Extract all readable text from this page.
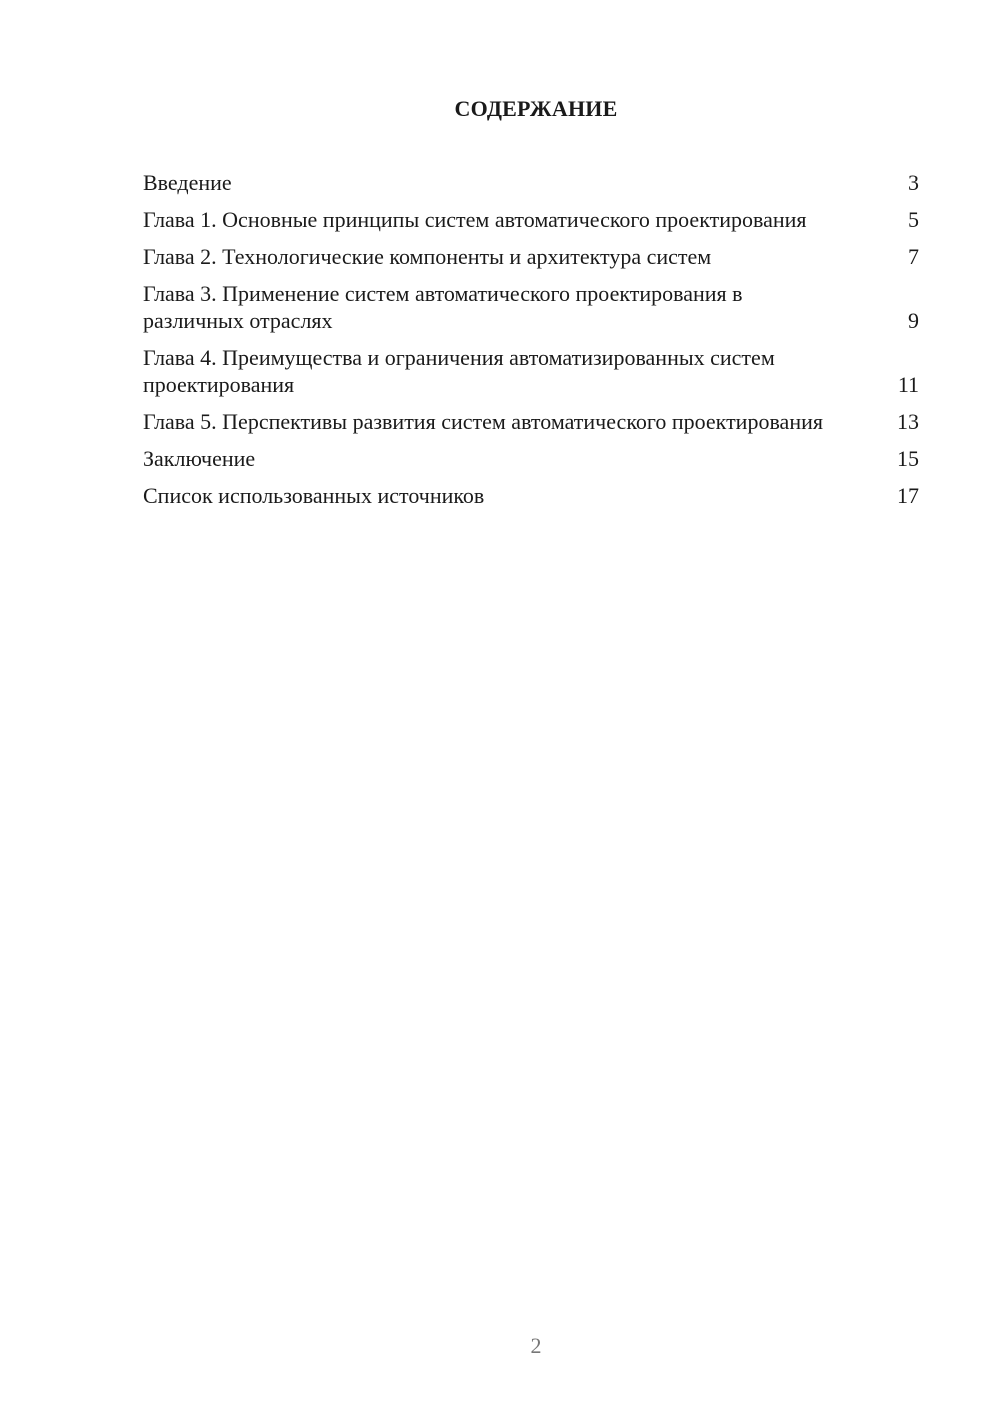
СОДЕРЖАНИЕ
Введение	3
Глава 1. Основные принципы систем автоматического проектирования	5
Глава 2. Технологические компоненты и архитектура систем	7
Глава 3. Применение систем автоматического проектирования в различных отраслях	9
Глава 4. Преимущества и ограничения автоматизированных систем проектирования	11
Глава 5. Перспективы развития систем автоматического проектирования	13
Заключение	15
Список использованных источников	17
2
